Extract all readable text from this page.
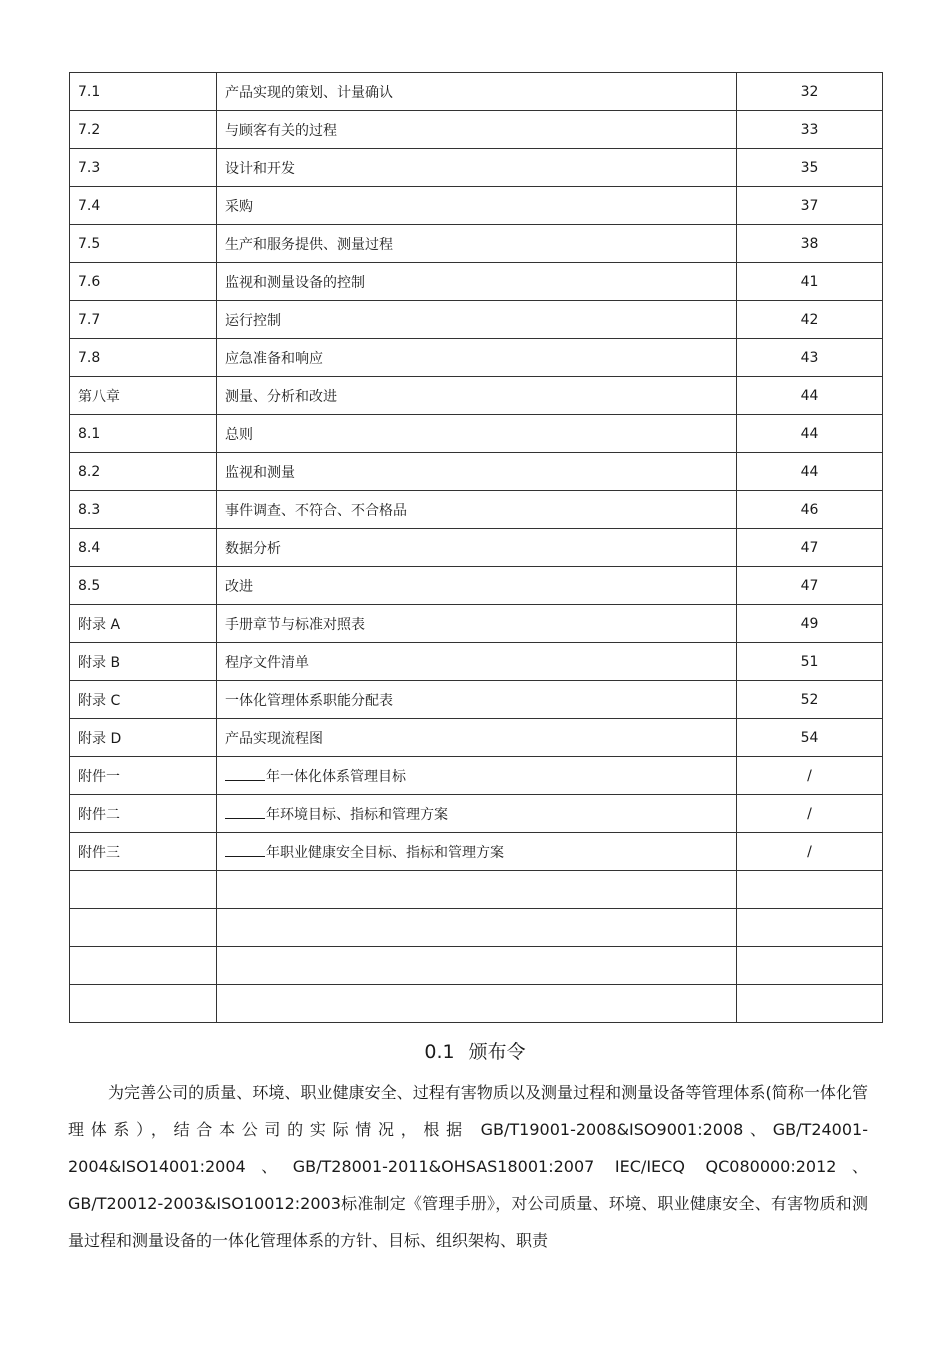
7.1	产品实现的策划、计量确认	32
7.2	与顾客有关的过程	33
7.3	设计和开发	35
7.4	采购	37
7.5	生产和服务提供、测量过程	38
7.6	监视和测量设备的控制	41
7.7	运行控制	42
7.8	应急准备和响应	43
第八章	测量、分析和改进	44
8.1	总则	44
8.2	监视和测量	44
8.3	事件调查、不符合、不合格品	46
8.4	数据分析	47
8.5	改进	47
附录 A	手册章节与标准对照表	49
附录 B	程序文件清单	51
附录 C	一体化管理体系职能分配表	52
附录 D	产品实现流程图	54
附件一	年一体化体系管理目标	/
附件二	年环境目标、指标和管理方案	/
附件三	年职业健康安全目标、指标和管理方案	/

0.1 颁布令

为完善公司的质量、环境、职业健康安全、过程有害物质以及测量过程和测量设备等管理体系(简称一体化管理体系），结合本公司的实际情况，根据 GB/T19001-2008&ISO9001:2008、GB/T24001-2004&ISO14001:2004、GB/T28001-2011&OHSAS18001:2007 IEC/IECQ QC080000:2012、GB/T20012-2003&ISO10012:2003标准制定《管理手册》，对公司质量、环境、职业健康安全、有害物质和测量过程和测量设备的一体化管理体系的方针、目标、组织架构、职责
